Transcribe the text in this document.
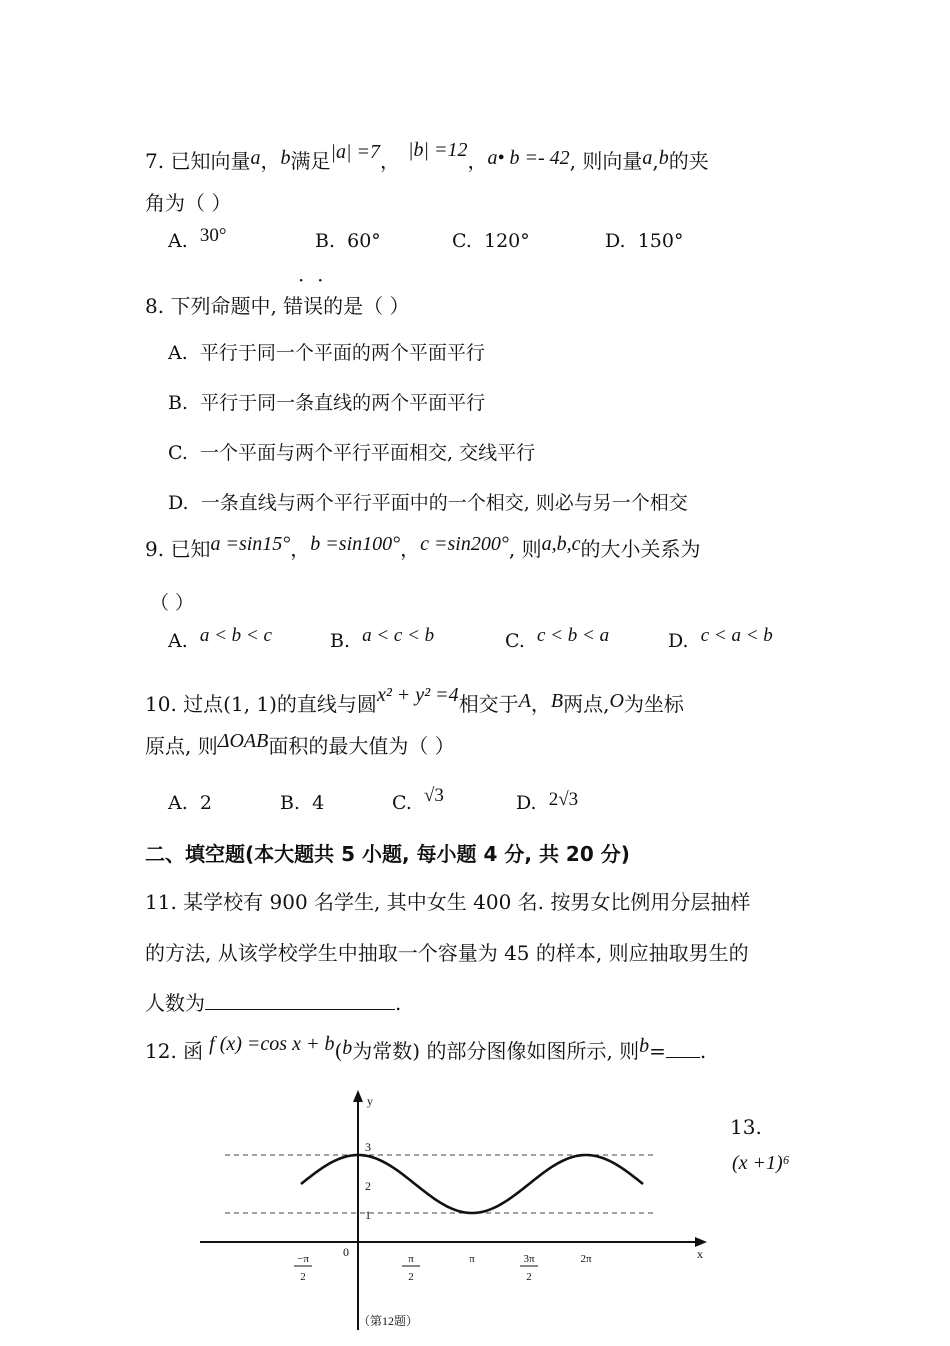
7. 已知向量a，b满足|a| =7， |b| =12，a• b =- 42, 则向量a,b的夹
角为（ ）
A. 30°	B. 60°	C. 120°	D. 150°
·  ·
8. 下列命题中, 错误的是（ ）
A. 平行于同一个平面的两个平面平行
B. 平行于同一条直线的两个平面平行
C. 一个平面与两个平行平面相交, 交线平行
D. 一条直线与两个平行平面中的一个相交, 则必与另一个相交
9. 已知a =sin15°，b =sin100°，c =sin200°, 则a,b,c的大小关系为
（ ）
A. a < b < c	B. a < c < b	C. c < b < a	D. c < a < b
10. 过点(1, 1)的直线与圆x² + y² =4相交于A，B两点,O为坐标
原点, 则ΔOAB面积的最大值为（ ）
A. 2	B. 4	C. √3	D. 2√3
二、填空题(本大题共 5 小题, 每小题 4 分, 共 20 分)
11. 某学校有 900 名学生, 其中女生 400 名. 按男女比例用分层抽样
的方法, 从该学校学生中抽取一个容量为 45 的样本, 则应抽取男生的
人数为	.
12. 函 f (x) =cos x + b(b为常数) 的部分图像如图所示, 则b= .
13.
(x +1)⁶
y
x
0
3
2
1
−π
2
π
2
π	3π
2
2π
（第12题）
